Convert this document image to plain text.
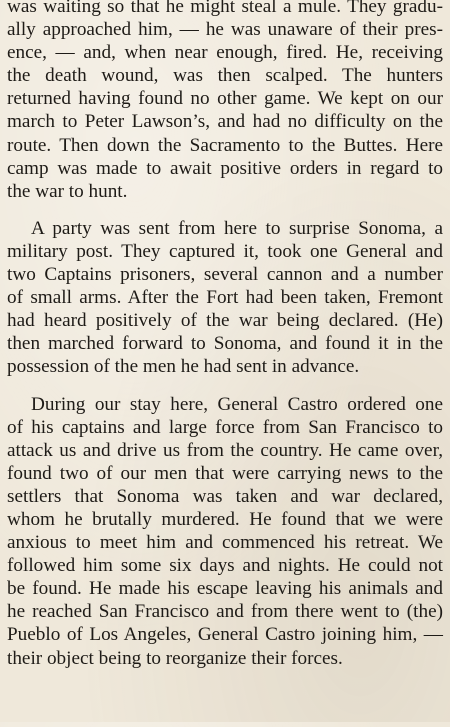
was waiting so that he might steal a mule. They gradu-
ally approached him, — he was unaware of their pres-
ence, — and, when near enough, fired. He, receiving
the death wound, was then scalped. The hunters
returned having found no other game. We kept on our
march to Peter Lawson’s, and had no difficulty on the
route. Then down the Sacramento to the Buttes. Here
camp was made to await positive orders in regard to
the war to hunt.

A party was sent from here to surprise Sonoma, a
military post. They captured it, took one General and
two Captains prisoners, several cannon and a number
of small arms. After the Fort had been taken, Fremont
had heard positively of the war being declared. (He)
then marched forward to Sonoma, and found it in the
possession of the men he had sent in advance.

During our stay here, General Castro ordered one
of his captains and large force from San Francisco to
attack us and drive us from the country. He came over,
found two of our men that were carrying news to the
settlers that Sonoma was taken and war declared,
whom he brutally murdered. He found that we were
anxious to meet him and commenced his retreat. We
followed him some six days and nights. He could not
be found. He made his escape leaving his animals and
he reached San Francisco and from there went to (the)
Pueblo of Los Angeles, General Castro joining him, —
their object being to reorganize their forces.
